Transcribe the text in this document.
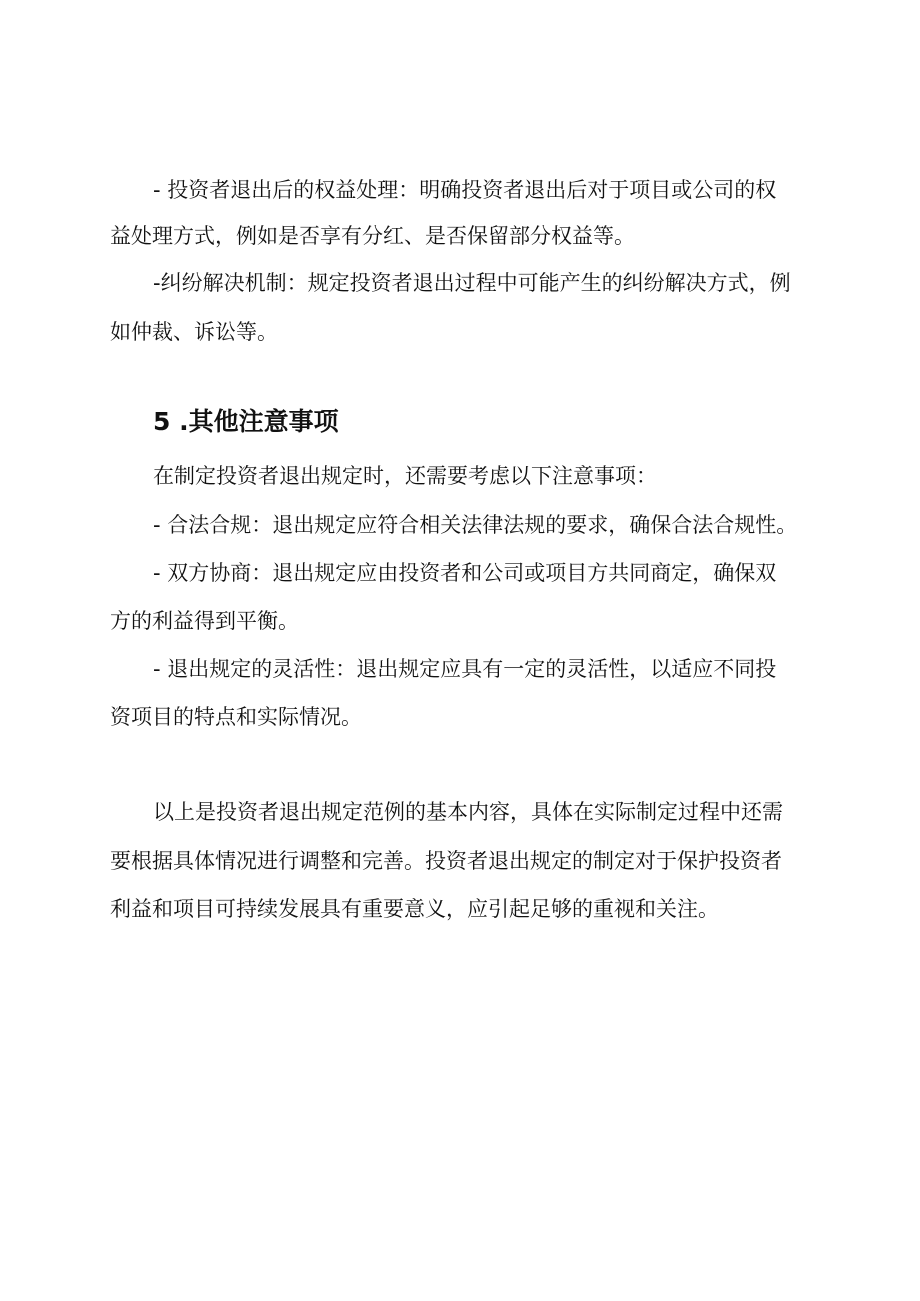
- 投资者退出后的权益处理：明确投资者退出后对于项目或公司的权

益处理方式，例如是否享有分红、是否保留部分权益等。

-纠纷解决机制：规定投资者退出过程中可能产生的纠纷解决方式，例

如仲裁、诉讼等。

5 .其他注意事项

在制定投资者退出规定时，还需要考虑以下注意事项：

- 合法合规：退出规定应符合相关法律法规的要求，确保合法合规性。

- 双方协商：退出规定应由投资者和公司或项目方共同商定，确保双

方的利益得到平衡。

- 退出规定的灵活性：退出规定应具有一定的灵活性，以适应不同投

资项目的特点和实际情况。

以上是投资者退出规定范例的基本内容，具体在实际制定过程中还需

要根据具体情况进行调整和完善。投资者退出规定的制定对于保护投资者

利益和项目可持续发展具有重要意义，应引起足够的重视和关注。
